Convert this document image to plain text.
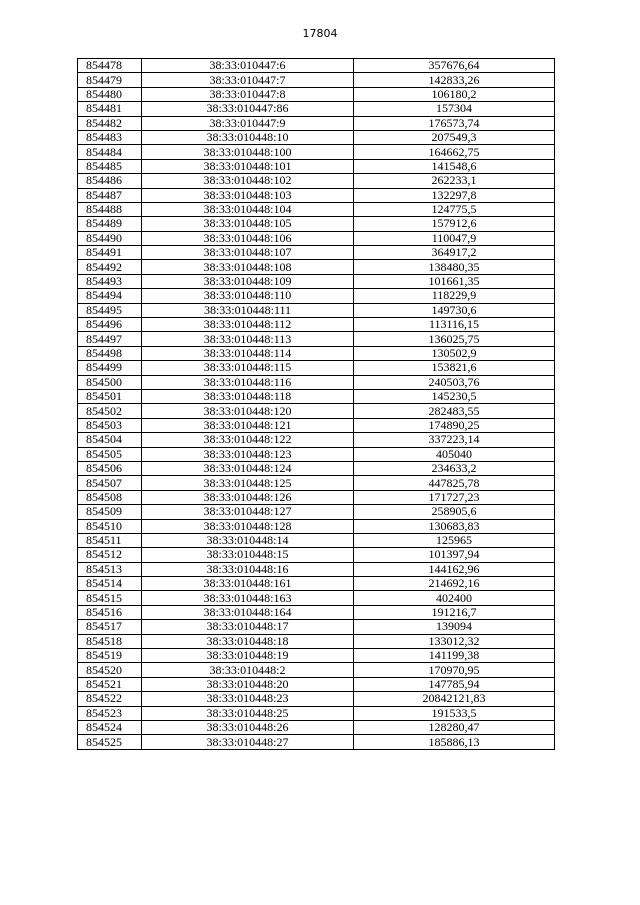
17804
854478	38:33:010447:6	357676,64
854479	38:33:010447:7	142833,26
854480	38:33:010447:8	106180,2
854481	38:33:010447:86	157304
854482	38:33:010447:9	176573,74
854483	38:33:010448:10	207549,3
854484	38:33:010448:100	164662,75
854485	38:33:010448:101	141548,6
854486	38:33:010448:102	262233,1
854487	38:33:010448:103	132297,8
854488	38:33:010448:104	124775,5
854489	38:33:010448:105	157912,6
854490	38:33:010448:106	110047,9
854491	38:33:010448:107	364917,2
854492	38:33:010448:108	138480,35
854493	38:33:010448:109	101661,35
854494	38:33:010448:110	118229,9
854495	38:33:010448:111	149730,6
854496	38:33:010448:112	113116,15
854497	38:33:010448:113	136025,75
854498	38:33:010448:114	130502,9
854499	38:33:010448:115	153821,6
854500	38:33:010448:116	240503,76
854501	38:33:010448:118	145230,5
854502	38:33:010448:120	282483,55
854503	38:33:010448:121	174890,25
854504	38:33:010448:122	337223,14
854505	38:33:010448:123	405040
854506	38:33:010448:124	234633,2
854507	38:33:010448:125	447825,78
854508	38:33:010448:126	171727,23
854509	38:33:010448:127	258905,6
854510	38:33:010448:128	130683,83
854511	38:33:010448:14	125965
854512	38:33:010448:15	101397,94
854513	38:33:010448:16	144162,96
854514	38:33:010448:161	214692,16
854515	38:33:010448:163	402400
854516	38:33:010448:164	191216,7
854517	38:33:010448:17	139094
854518	38:33:010448:18	133012,32
854519	38:33:010448:19	141199,38
854520	38:33:010448:2	170970,95
854521	38:33:010448:20	147785,94
854522	38:33:010448:23	20842121,83
854523	38:33:010448:25	191533,5
854524	38:33:010448:26	128280,47
854525	38:33:010448:27	185886,13
